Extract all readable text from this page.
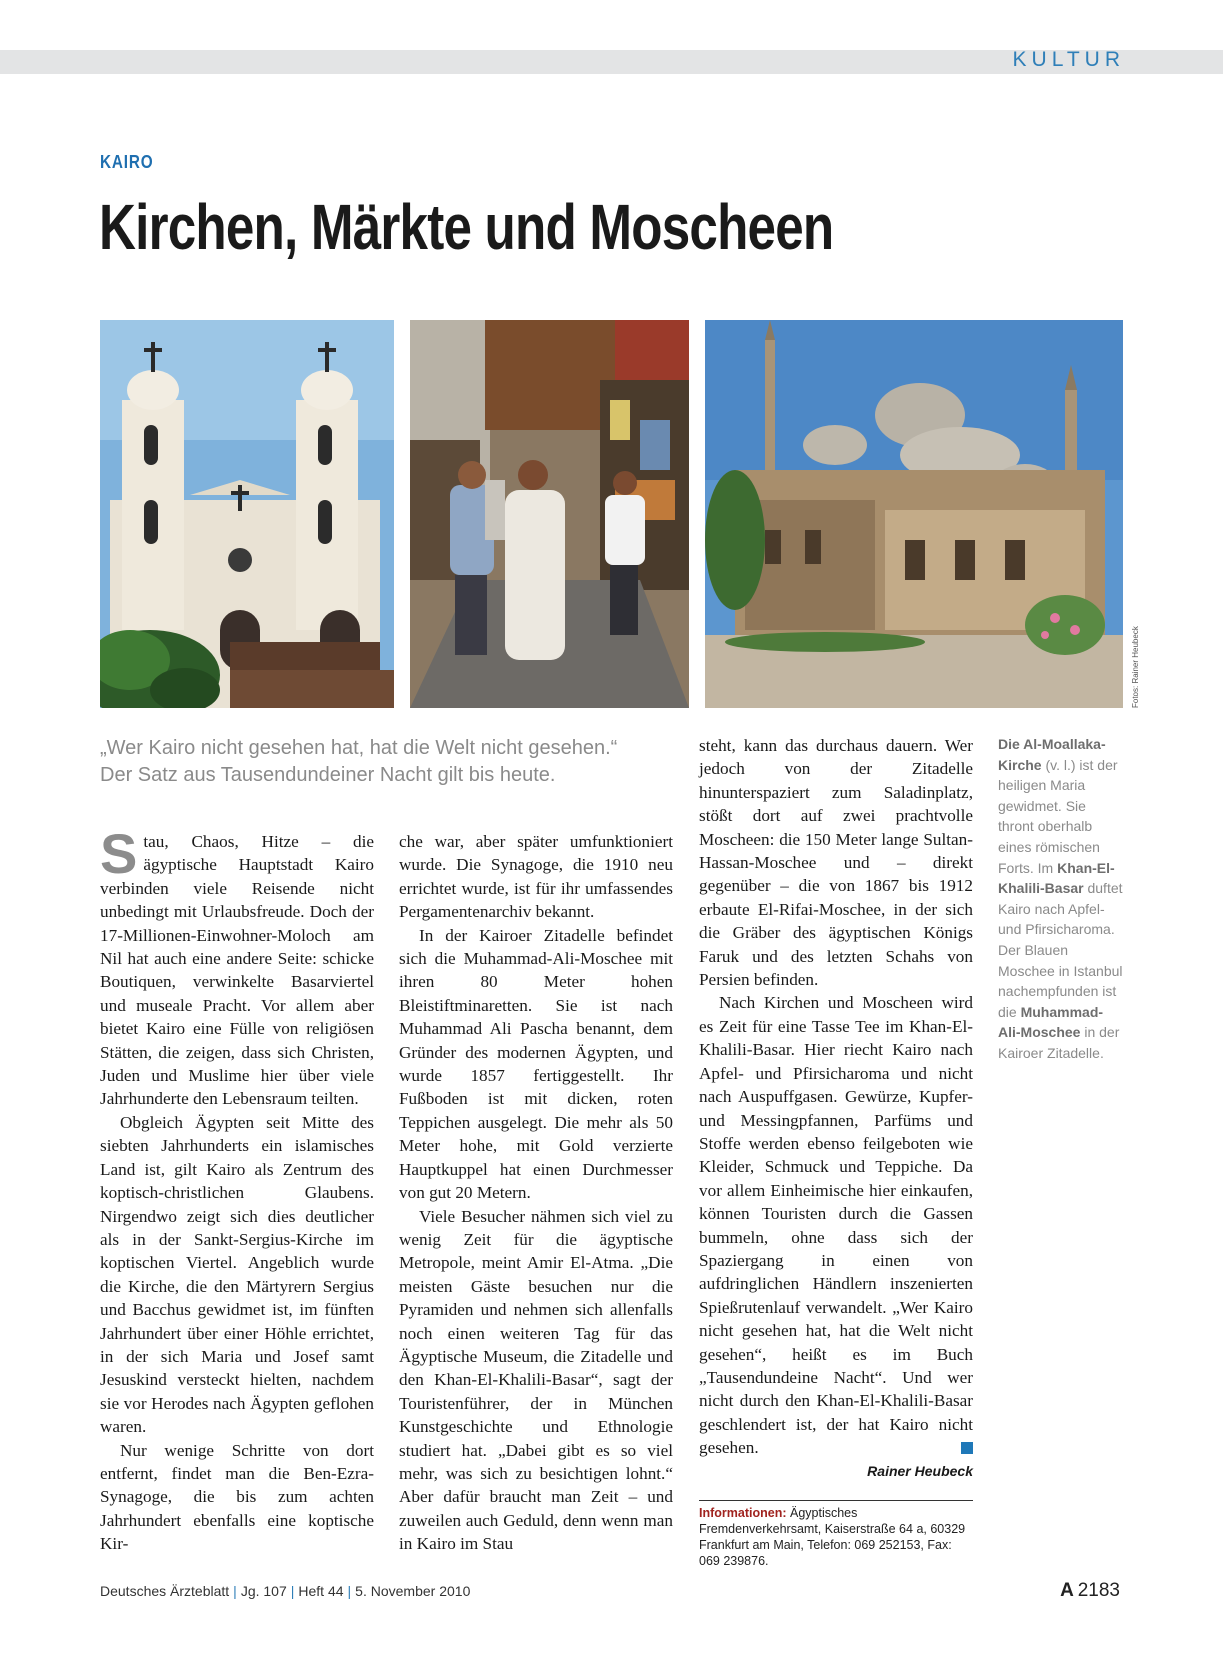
KULTUR
KAIRO
Kirchen, Märkte und Moscheen
Fotos: Rainer Heubeck
„Wer Kairo nicht gesehen hat, hat die Welt nicht gesehen.“
Der Satz aus Tausendundeiner Nacht gilt bis heute.

Stau, Chaos, Hitze – die ägyptische Hauptstadt Kairo verbinden viele Reisende nicht unbedingt mit Urlaubsfreude. Doch der 17-Millionen-Einwohner-Moloch am Nil hat auch eine andere Seite: schicke Boutiquen, verwinkelte Basarviertel und museale Pracht. Vor allem aber bietet Kairo eine Fülle von religiösen Stätten, die zeigen, dass sich Christen, Juden und Muslime hier über viele Jahrhunderte den Lebensraum teilten.

Obgleich Ägypten seit Mitte des siebten Jahrhunderts ein islamisches Land ist, gilt Kairo als Zentrum des koptisch-christlichen Glaubens. Nirgendwo zeigt sich dies deutlicher als in der Sankt-Sergius-Kirche im koptischen Viertel. Angeblich wurde die Kirche, die den Märtyrern Sergius und Bacchus gewidmet ist, im fünften Jahrhundert über einer Höhle errichtet, in der sich Maria und Josef samt Jesuskind versteckt hielten, nachdem sie vor Herodes nach Ägypten geflohen waren.

Nur wenige Schritte von dort entfernt, findet man die Ben-Ezra-Synagoge, die bis zum achten Jahrhundert ebenfalls eine koptische Kir-

che war, aber später umfunktioniert wurde. Die Synagoge, die 1910 neu errichtet wurde, ist für ihr umfassendes Pergamentenarchiv bekannt.

In der Kairoer Zitadelle befindet sich die Muhammad-Ali-Moschee mit ihren 80 Meter hohen Bleistiftminaretten. Sie ist nach Muhammad Ali Pascha benannt, dem Gründer des modernen Ägypten, und wurde 1857 fertiggestellt. Ihr Fußboden ist mit dicken, roten Teppichen ausgelegt. Die mehr als 50 Meter hohe, mit Gold verzierte Hauptkuppel hat einen Durchmesser von gut 20 Metern.

Viele Besucher nähmen sich viel zu wenig Zeit für die ägyptische Metropole, meint Amir El-Atma. „Die meisten Gäste besuchen nur die Pyramiden und nehmen sich allenfalls noch einen weiteren Tag für das Ägyptische Museum, die Zitadelle und den Khan-El-Khalili-Basar“, sagt der Touristenführer, der in München Kunstgeschichte und Ethnologie studiert hat. „Dabei gibt es so viel mehr, was sich zu besichtigen lohnt.“ Aber dafür braucht man Zeit – und zuweilen auch Geduld, denn wenn man in Kairo im Stau

steht, kann das durchaus dauern. Wer jedoch von der Zitadelle hinunterspaziert zum Saladinplatz, stößt dort auf zwei prachtvolle Moscheen: die 150 Meter lange Sultan-Hassan-Moschee und – direkt gegenüber – die von 1867 bis 1912 erbaute El-Rifai-Moschee, in der sich die Gräber des ägyptischen Königs Faruk und des letzten Schahs von Persien befinden.

Nach Kirchen und Moscheen wird es Zeit für eine Tasse Tee im Khan-El-Khalili-Basar. Hier riecht Kairo nach Apfel- und Pfirsicharoma und nicht nach Auspuffgasen. Gewürze, Kupfer- und Messingpfannen, Parfüms und Stoffe werden ebenso feilgeboten wie Kleider, Schmuck und Teppiche. Da vor allem Einheimische hier einkaufen, können Touristen durch die Gassen bummeln, ohne dass sich der Spaziergang in einen von aufdringlichen Händlern inszenierten Spießrutenlauf verwandelt. „Wer Kairo nicht gesehen hat, hat die Welt nicht gesehen“, heißt es im Buch „Tausendundeine Nacht“. Und wer nicht durch den Khan-El-Khalili-Basar geschlendert ist, der hat Kairo nicht gesehen.

Rainer Heubeck

Informationen: Ägyptisches Fremdenverkehrsamt, Kaiserstraße 64 a, 60329 Frankfurt am Main, Telefon: 069 252153, Fax: 069 239876.
Die Al-Moallaka-Kirche (v. l.) ist der heiligen Maria gewidmet. Sie thront oberhalb eines römischen Forts. Im Khan-El-Khalili-Basar duftet Kairo nach Apfel- und Pfirsicharoma. Der Blauen Moschee in Istanbul nachempfunden ist die Muhammad-Ali-Moschee in der Kairoer Zitadelle.
Deutsches Ärzteblatt | Jg. 107 | Heft 44 | 5. November 2010	A  2183
